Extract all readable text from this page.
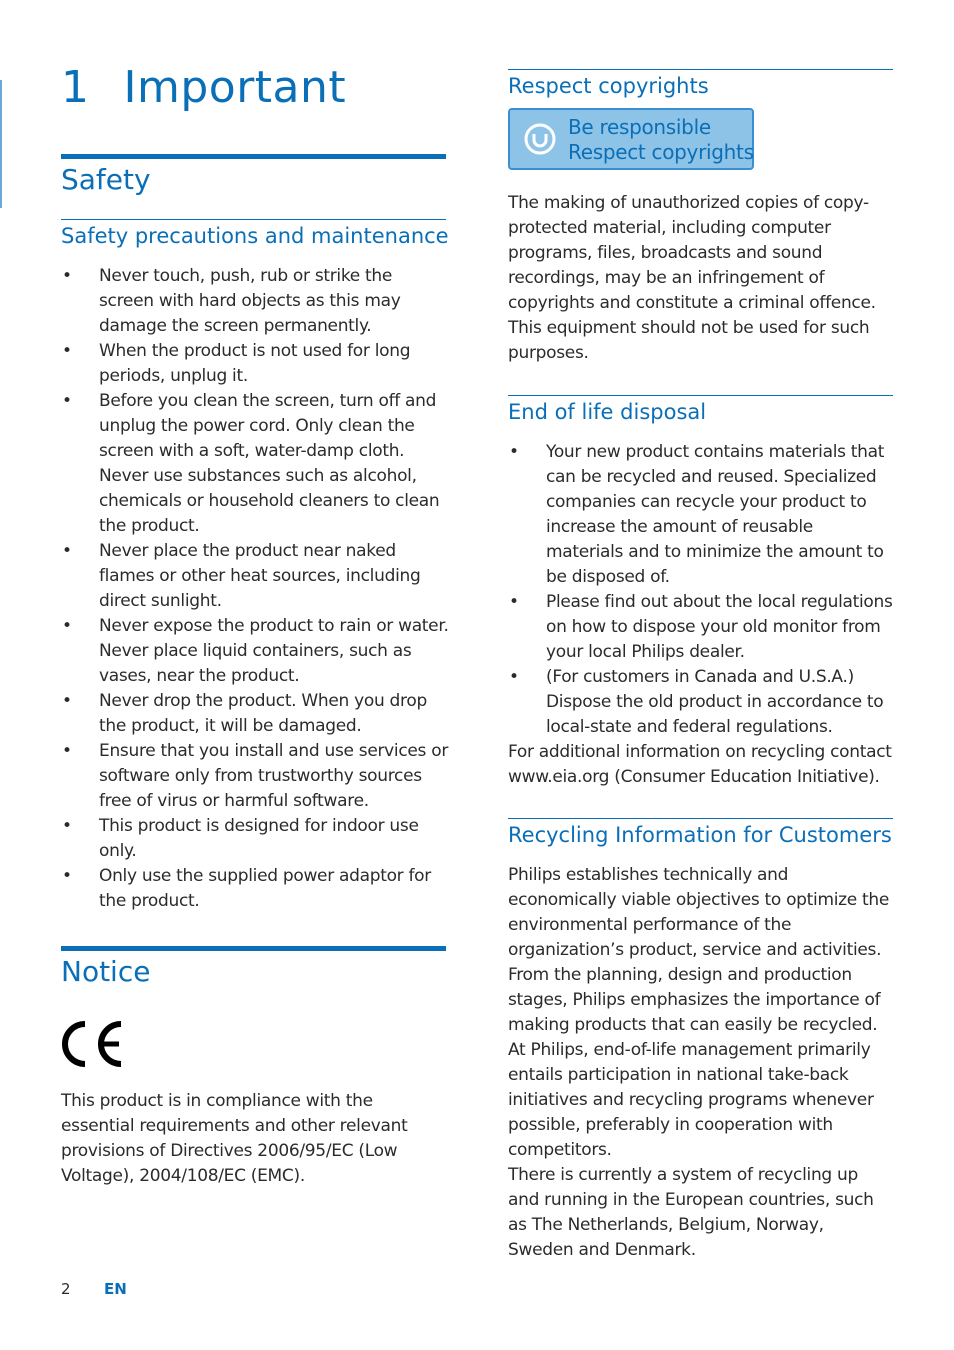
1 Important
Safety
Safety precautions and maintenance
• Never touch, push, rub or strike the screen with hard objects as this may damage the screen permanently.
• When the product is not used for long periods, unplug it.
• Before you clean the screen, turn off and unplug the power cord. Only clean the screen with a soft, water-damp cloth. Never use substances such as alcohol, chemicals or household cleaners to clean the product.
• Never place the product near naked flames or other heat sources, including direct sunlight.
• Never expose the product to rain or water. Never place liquid containers, such as vases, near the product.
• Never drop the product. When you drop the product, it will be damaged.
• Ensure that you install and use services or software only from trustworthy sources free of virus or harmful software.
• This product is designed for indoor use only.
• Only use the supplied power adaptor for the product.
Notice

This product is in compliance with the essential requirements and other relevant provisions of Directives 2006/95/EC (Low Voltage), 2004/108/EC (EMC).

Respect copyrights
Be responsible
Respect copyrights

The making of unauthorized copies of copy-protected material, including computer programs, files, broadcasts and sound recordings, may be an infringement of copyrights and constitute a criminal offence. This equipment should not be used for such purposes.

End of life disposal
• Your new product contains materials that can be recycled and reused. Specialized companies can recycle your product to increase the amount of reusable materials and to minimize the amount to be disposed of.
• Please find out about the local regulations on how to dispose your old monitor from your local Philips dealer.
• (For customers in Canada and U.S.A.) Dispose the old product in accordance to local-state and federal regulations.

For additional information on recycling contact www.eia.org (Consumer Education Initiative).

Recycling Information for Customers

Philips establishes technically and economically viable objectives to optimize the environmental performance of the organization’s product, service and activities.

From the planning, design and production stages, Philips emphasizes the importance of making products that can easily be recycled. At Philips, end-of-life management primarily entails participation in national take-back initiatives and recycling programs whenever possible, preferably in cooperation with competitors.

There is currently a system of recycling up and running in the European countries, such as The Netherlands, Belgium, Norway, Sweden and Denmark.

2 EN
